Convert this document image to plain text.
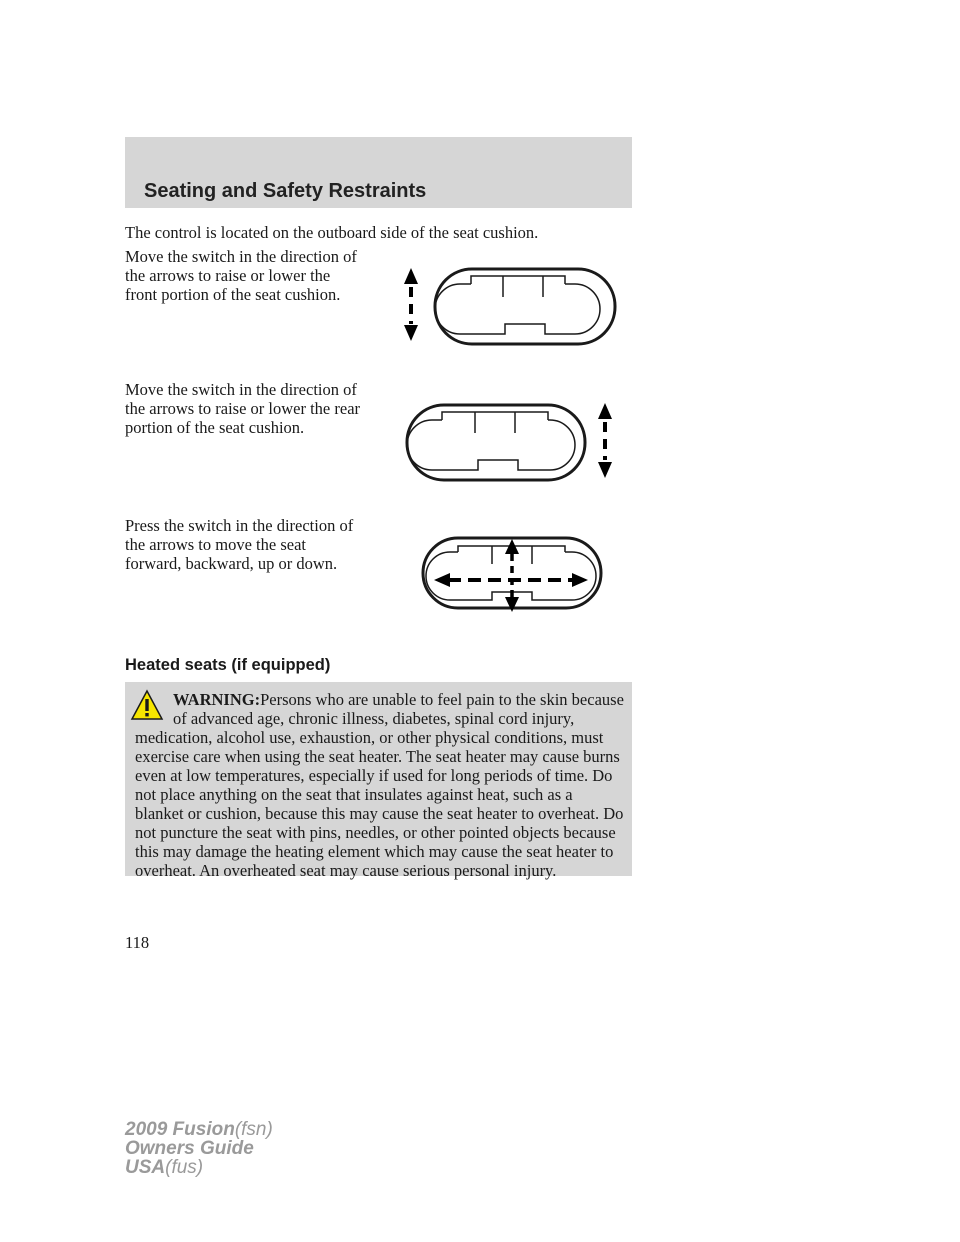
Seating and Safety Restraints

The control is located on the outboard side of the seat cushion.

Move the switch in the direction of
the arrows to raise or lower the
front portion of the seat cushion.

Move the switch in the direction of
the arrows to raise or lower the rear
portion of the seat cushion.

Press the switch in the direction of
the arrows to move the seat
forward, backward, up or down.

Heated seats (if equipped)

WARNING:Persons who are unable to feel pain to the skin because of advanced age, chronic illness, diabetes, spinal cord injury, medication, alcohol use, exhaustion, or other physical conditions, must exercise care when using the seat heater. The seat heater may cause burns even at low temperatures, especially if used for long periods of time. Do not place anything on the seat that insulates against heat, such as a blanket or cushion, because this may cause the seat heater to overheat. Do not puncture the seat with pins, needles, or other pointed objects because this may damage the heating element which may cause the seat heater to overheat. An overheated seat may cause serious personal injury.

118
2009 Fusion(fsn)
Owners Guide
USA(fus)
